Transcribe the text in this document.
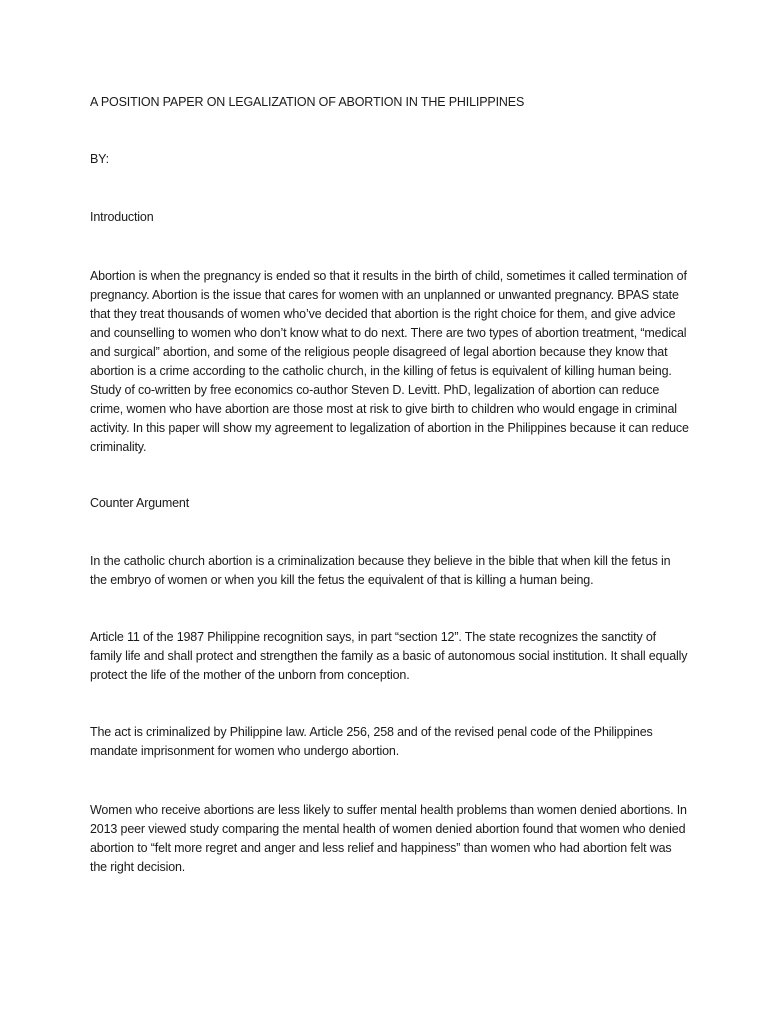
A POSITION PAPER ON LEGALIZATION OF ABORTION IN THE PHILIPPINES

BY:

Introduction

Abortion is when the pregnancy is ended so that it results in the birth of child, sometimes it called termination of pregnancy. Abortion is the issue that cares for women with an unplanned or unwanted pregnancy. BPAS state that they treat thousands of women who’ve decided that abortion is the right choice for them, and give advice and counselling to women who don’t know what to do next. There are two types of abortion treatment, “medical and surgical” abortion, and some of the religious people disagreed of legal abortion because they know that abortion is a crime according to the catholic church, in the killing of fetus is equivalent of killing human being. Study of co-written by free economics co-author Steven D. Levitt. PhD, legalization of abortion can reduce crime, women who have abortion are those most at risk to give birth to children who would engage in criminal activity. In this paper will show my agreement to legalization of abortion in the Philippines because it can reduce criminality.

Counter Argument

In the catholic church abortion is a criminalization because they believe in the bible that when kill the fetus in the embryo of women or when you kill the fetus the equivalent of that is killing a human being.

Article 11 of the 1987 Philippine recognition says, in part “section 12”. The state recognizes the sanctity of family life and shall protect and strengthen the family as a basic of autonomous social institution. It shall equally protect the life of the mother of the unborn from conception.

The act is criminalized by Philippine law. Article 256, 258 and of the revised penal code of the Philippines mandate imprisonment for women who undergo abortion.

Women who receive abortions are less likely to suffer mental health problems than women denied abortions. In 2013 peer viewed study comparing the mental health of women denied abortion found that women who denied abortion to “felt more regret and anger and less relief and happiness” than women who had abortion felt was the right decision.
